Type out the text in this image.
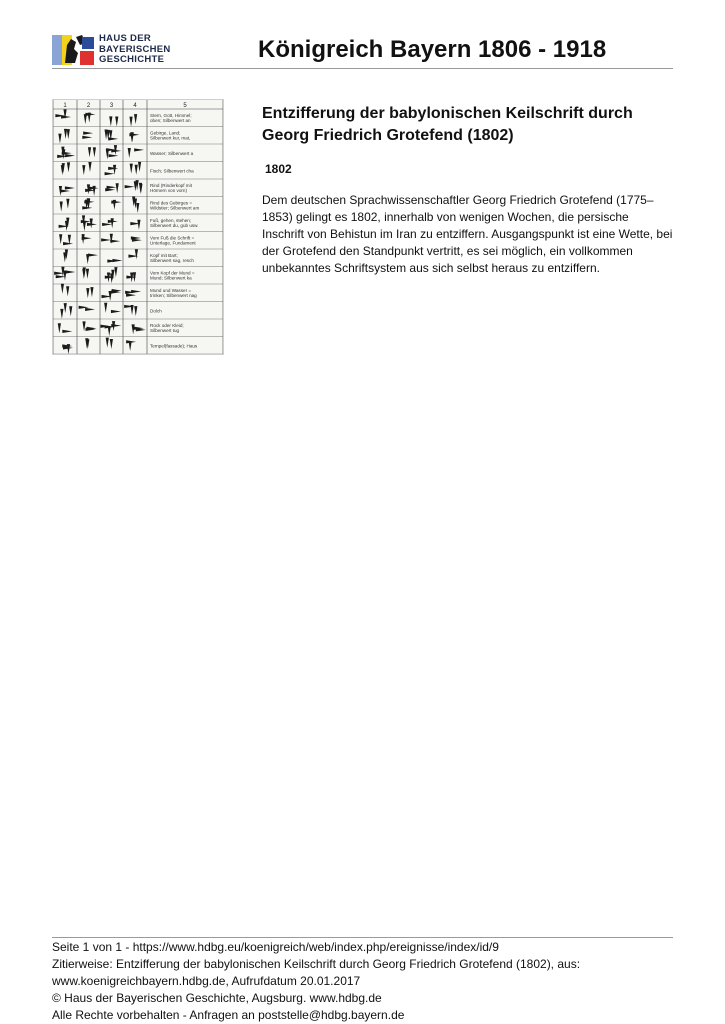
HAUS DER
BAYERISCHEN
GESCHICHTE	Königreich Bayern 1806 - 1918
1	2	3	4	5
Stern, Gott, Himmel; oben; Silbenwert an
Gebirge, Land; Silbenwert kur, mat,
Wasser; Silbenwert a
Fisch; Silbenwert cha
Rind (Rinderkopf mit Hörnern von vorn)
Rind des Gebirges = Wildstier; Silbenwert am
Fuß, gehen, stehen; Silbenwert du, gub usw.
Vom Fuß die Schrift = Unterlage, Fundament
Kopf mit Bart; Silbenwert sag, resch
Vom Kopf der Mund = Mund; Silbenwert ka
Mund und Wasser = trinken; Silbenwert nag
Dolch
Rock oder Kleid; Silbenwert tug
Tempel(fassade); Haus
Entzifferung der babylonischen Keilschrift durch Georg Friedrich Grotefend (1802)
1802
Dem deutschen Sprachwissenschaftler Georg Friedrich Grotefend (1775–1853) gelingt es 1802, innerhalb von wenigen Wochen, die persische Inschrift von Behistun im Iran zu entziffern. Ausgangspunkt ist eine Wette, bei der Grotefend den Standpunkt vertritt, es sei möglich, ein vollkommen unbekanntes Schriftsystem aus sich selbst heraus zu entziffern.
Seite 1 von 1 - https://www.hdbg.eu/koenigreich/web/index.php/ereignisse/index/id/9
Zitierweise: Entzifferung der babylonischen Keilschrift durch Georg Friedrich Grotefend (1802), aus:
www.koenigreichbayern.hdbg.de, Aufrufdatum 20.01.2017
© Haus der Bayerischen Geschichte, Augsburg. www.hdbg.de
Alle Rechte vorbehalten - Anfragen an poststelle@hdbg.bayern.de
